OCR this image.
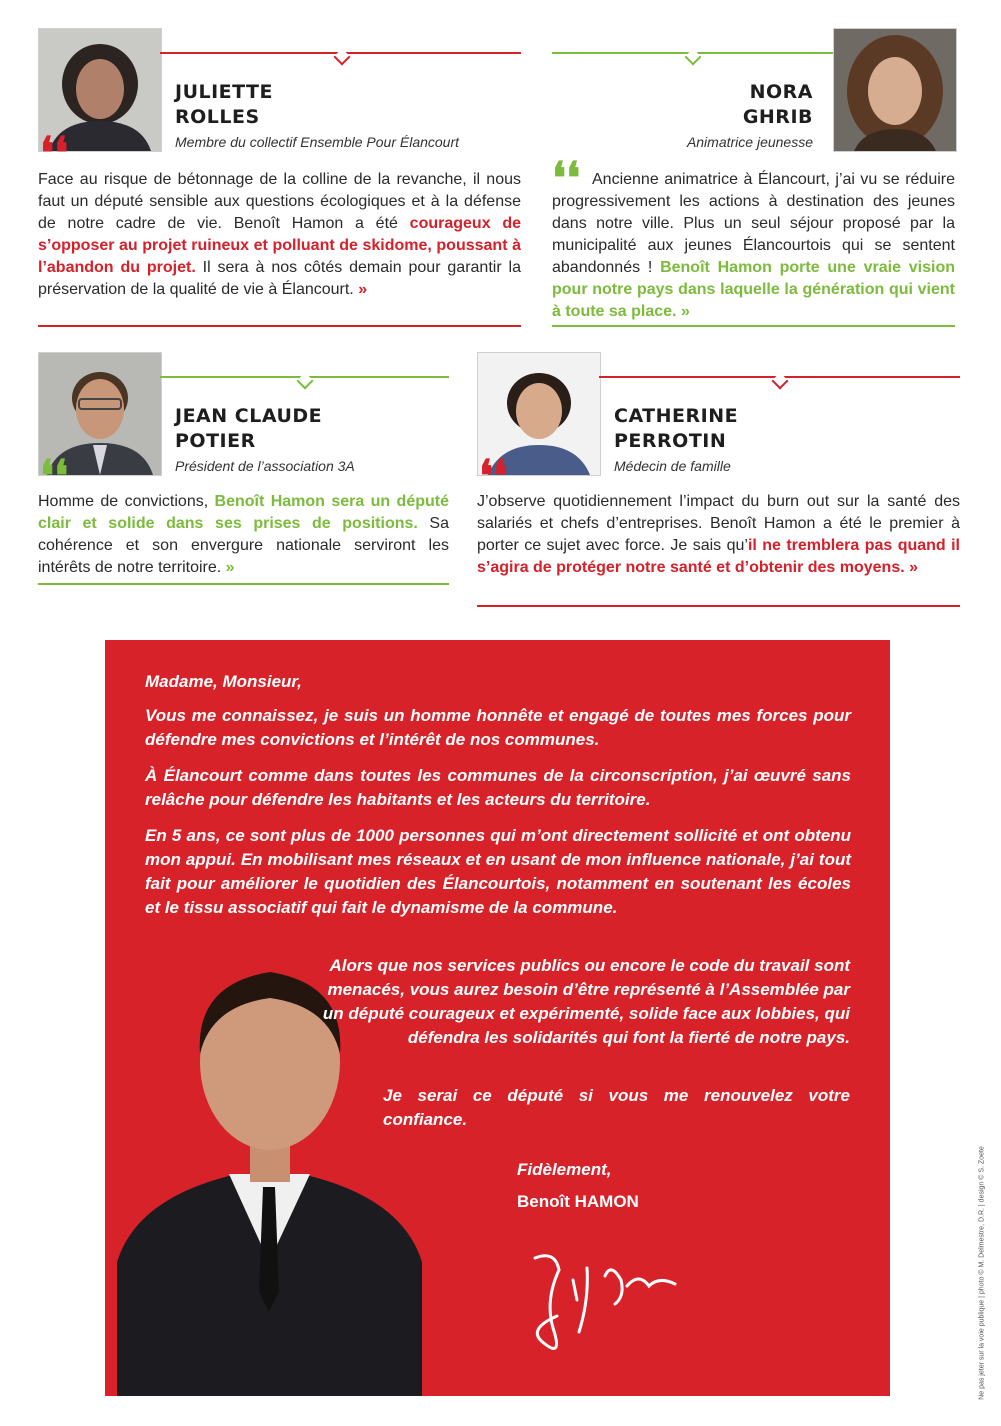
JULIETTE
ROLLES
Membre du collectif Ensemble Pour Élancourt
❛❛
Face au risque de bétonnage de la colline de la revanche, il nous faut un député sensible aux questions écologiques et à la défense de notre cadre de vie. Benoît Hamon a été courageux de s’opposer au projet ruineux et polluant de skidome, poussant à l’abandon du projet. Il sera à nos côtés demain pour garantir la préservation de la qualité de vie à Élancourt. »
NORA
GHRIB
Animatrice jeunesse
❛❛ Ancienne animatrice à Élancourt, j’ai vu se réduire progressivement les actions à destination des jeunes dans notre ville. Plus un seul séjour proposé par la municipalité aux jeunes Élancourtois qui se sentent abandonnés ! Benoît Hamon porte une vraie vision pour notre pays dans laquelle la génération qui vient à toute sa place. »
JEAN CLAUDE
POTIER
Président de l’association 3A
❛❛
Homme de convictions, Benoît Hamon sera un député clair et solide dans ses prises de positions. Sa cohérence et son envergure nationale serviront les intérêts de notre territoire. »
CATHERINE
PERROTIN
Médecin de famille
❛❛
J’observe quotidiennement l’impact du burn out sur la santé des salariés et chefs d’entreprises. Benoît Hamon a été le premier à porter ce sujet avec force. Je sais qu’il ne tremblera pas quand il s’agira de protéger notre santé et d’obtenir des moyens. »
Madame, Monsieur,
Vous me connaissez, je suis un homme honnête et engagé de toutes mes forces pour défendre mes convictions et l’intérêt de nos communes.
À Élancourt comme dans toutes les communes de la circonscription, j’ai œuvré sans relâche pour défendre les habitants et les acteurs du territoire.
En 5 ans, ce sont plus de 1000 personnes qui m’ont directement sollicité et ont obtenu mon appui. En mobilisant mes réseaux et en usant de mon influence nationale, j’ai tout fait pour améliorer le quotidien des Élancourtois, notamment en soutenant les écoles et le tissu associatif qui fait le dynamisme de la commune.
Alors que nos services publics ou encore le code du travail sont menacés, vous aurez besoin d’être représenté à l’Assemblée par un député courageux et expérimenté, solide face aux lobbies, qui défendra les solidarités qui font la fierté de notre pays.
Je serai ce député si vous me renouvelez votre confiance.
Fidèlement,
Benoît HAMON	Ne pas jeter sur la voie publique | photo © M. Delmestre, D.R. | design © S. Zoete
